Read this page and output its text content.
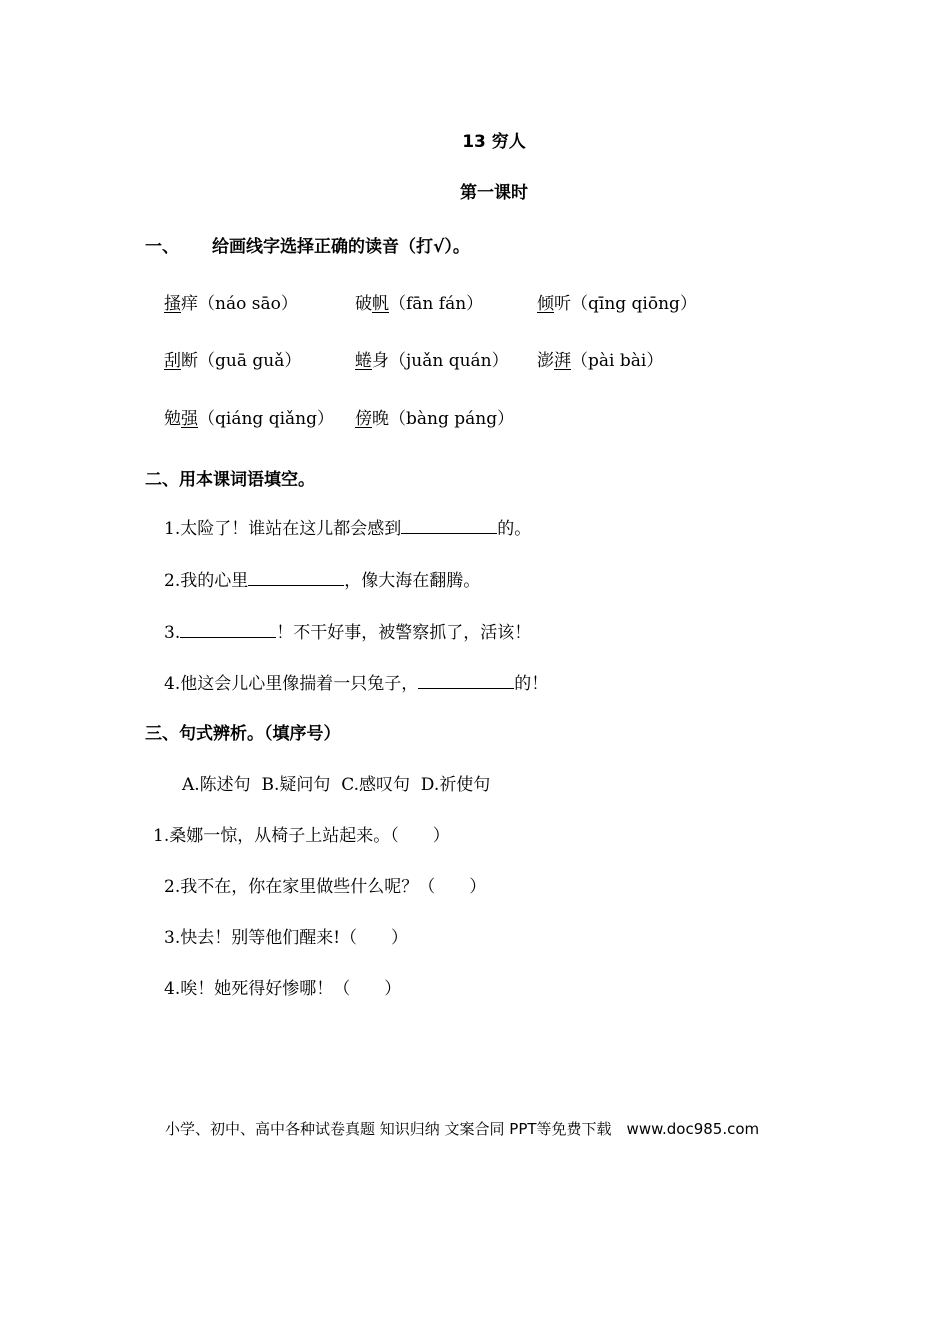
13 穷人
第一课时
一、 给画线字选择正确的读音（打√）。
搔痒（náo sāo）	破帆（fān fán）	倾听（qīng qiōng）
刮断（guā guǎ）	蜷身（juǎn quán） 澎湃（pài bài）
勉强（qiáng qiǎng） 傍晚（bàng páng）
二、用本课词语填空。
1.太险了！谁站在这儿都会感到	的。
2.我的心里	，像大海在翻腾。
3.	！不干好事，被警察抓了，活该！
4.他这会儿心里像揣着一只兔子，	的！
三、句式辨析。（填序号）
A.陈述句  B.疑问句  C.感叹句  D.祈使句
1.桑娜一惊，从椅子上站起来。（　　）
2.我不在，你在家里做些什么呢？（　　）
3.快去！别等他们醒来!（　　）
4.唉！她死得好惨哪！（　　）
小学、初中、高中各种试卷真题 知识归纳 文案合同 PPT等免费下载　www.doc985.com
